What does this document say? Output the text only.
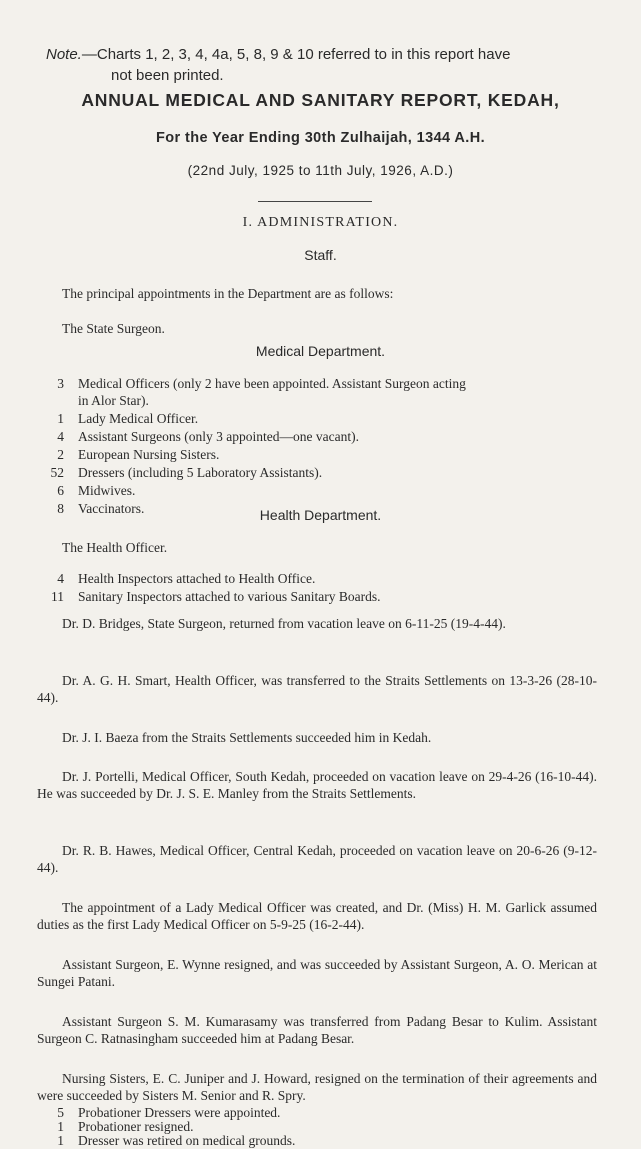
Note.—Charts 1, 2, 3, 4, 4a, 5, 8, 9 & 10 referred to in this report have
not been printed.
ANNUAL MEDICAL AND SANITARY REPORT, KEDAH,
For the Year Ending 30th Zulhaijah, 1344 A.H.
(22nd July, 1925 to 11th July, 1926, A.D.)
I. ADMINISTRATION.
Staff.
The principal appointments in the Department are as follows:
The State Surgeon.
Medical Department.
3 Medical Officers (only 2 have been appointed. Assistant Surgeon acting
in Alor Star).
1 Lady Medical Officer.
4 Assistant Surgeons (only 3 appointed—one vacant).
2 European Nursing Sisters.
52 Dressers (including 5 Laboratory Assistants).
6 Midwives.
8 Vaccinators.	Health Department.
The Health Officer.
4 Health Inspectors attached to Health Office.
11 Sanitary Inspectors attached to various Sanitary Boards.
Dr. D. Bridges, State Surgeon, returned from vacation leave on 6-11-25 (19-4-44).
Dr. A. G. H. Smart, Health Officer, was transferred to the Straits Settlements on 13-3-26 (28-10-44).
Dr. J. I. Baeza from the Straits Settlements succeeded him in Kedah.
Dr. J. Portelli, Medical Officer, South Kedah, proceeded on vacation leave on 29-4-26 (16-10-44). He was succeeded by Dr. J. S. E. Manley from the Straits Settlements.
Dr. R. B. Hawes, Medical Officer, Central Kedah, proceeded on vacation leave on 20-6-26 (9-12-44).
The appointment of a Lady Medical Officer was created, and Dr. (Miss) H. M. Garlick assumed duties as the first Lady Medical Officer on 5-9-25 (16-2-44).
Assistant Surgeon, E. Wynne resigned, and was succeeded by Assistant Surgeon, A. O. Merican at Sungei Patani.
Assistant Surgeon S. M. Kumarasamy was transferred from Padang Besar to Kulim. Assistant Surgeon C. Ratnasingham succeeded him at Padang Besar.
Nursing Sisters, E. C. Juniper and J. Howard, resigned on the termination of their agreements and were succeeded by Sisters M. Senior and R. Spry.
5 Probationer Dressers were appointed.
1 Probationer resigned.
1 Dresser was retired on medical grounds.
